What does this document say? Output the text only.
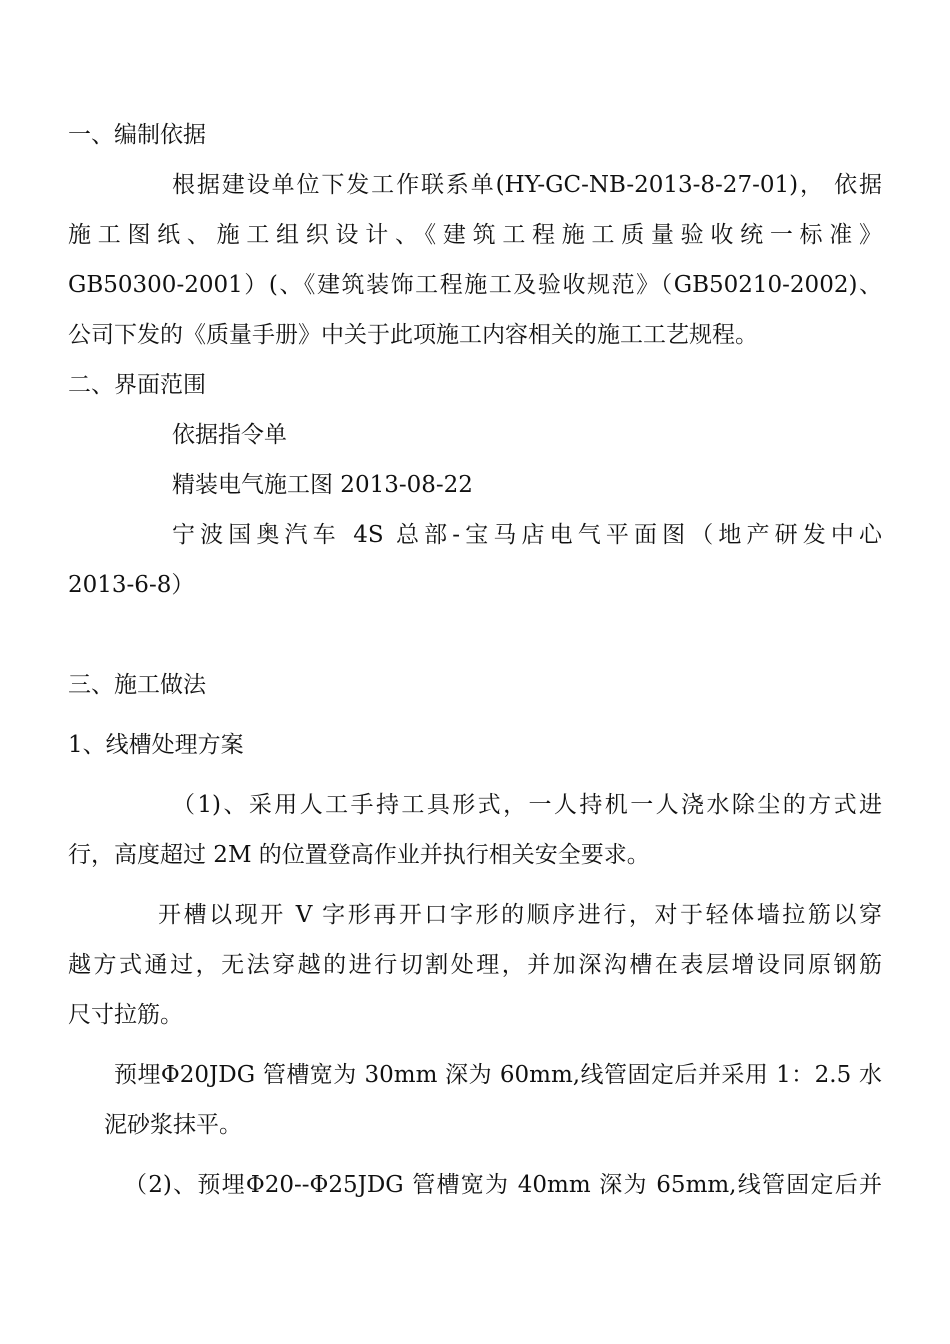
一、编制依据
根据建设单位下发工作联系单(HY-GC-NB-2013-8-27-01)， 依据
施工图纸、施工组织设计、《建筑工程施工质量验收统一标准》
GB50300-2001）(、《建筑装饰工程施工及验收规范》（GB50210-2002)、
公司下发的《质量手册》中关于此项施工内容相关的施工工艺规程。
二、界面范围
依据指令单
精装电气施工图 2013-08-22
宁波国奥汽车 4S 总部-宝马店电气平面图（地产研发中心
2013-6-8）
三、施工做法
1、线槽处理方案
（1)、采用人工手持工具形式，一人持机一人浇水除尘的方式进
行，高度超过 2M 的位置登高作业并执行相关安全要求。
开槽以现开 V 字形再开口字形的顺序进行，对于轻体墙拉筋以穿
越方式通过，无法穿越的进行切割处理，并加深沟槽在表层增设同原钢筋
尺寸拉筋。
预埋Φ20JDG 管槽宽为 30mm 深为 60mm,线管固定后并采用 1：2.5 水
泥砂浆抹平。
（2)、预埋Φ20--Φ25JDG 管槽宽为 40mm 深为 65mm,线管固定后并
